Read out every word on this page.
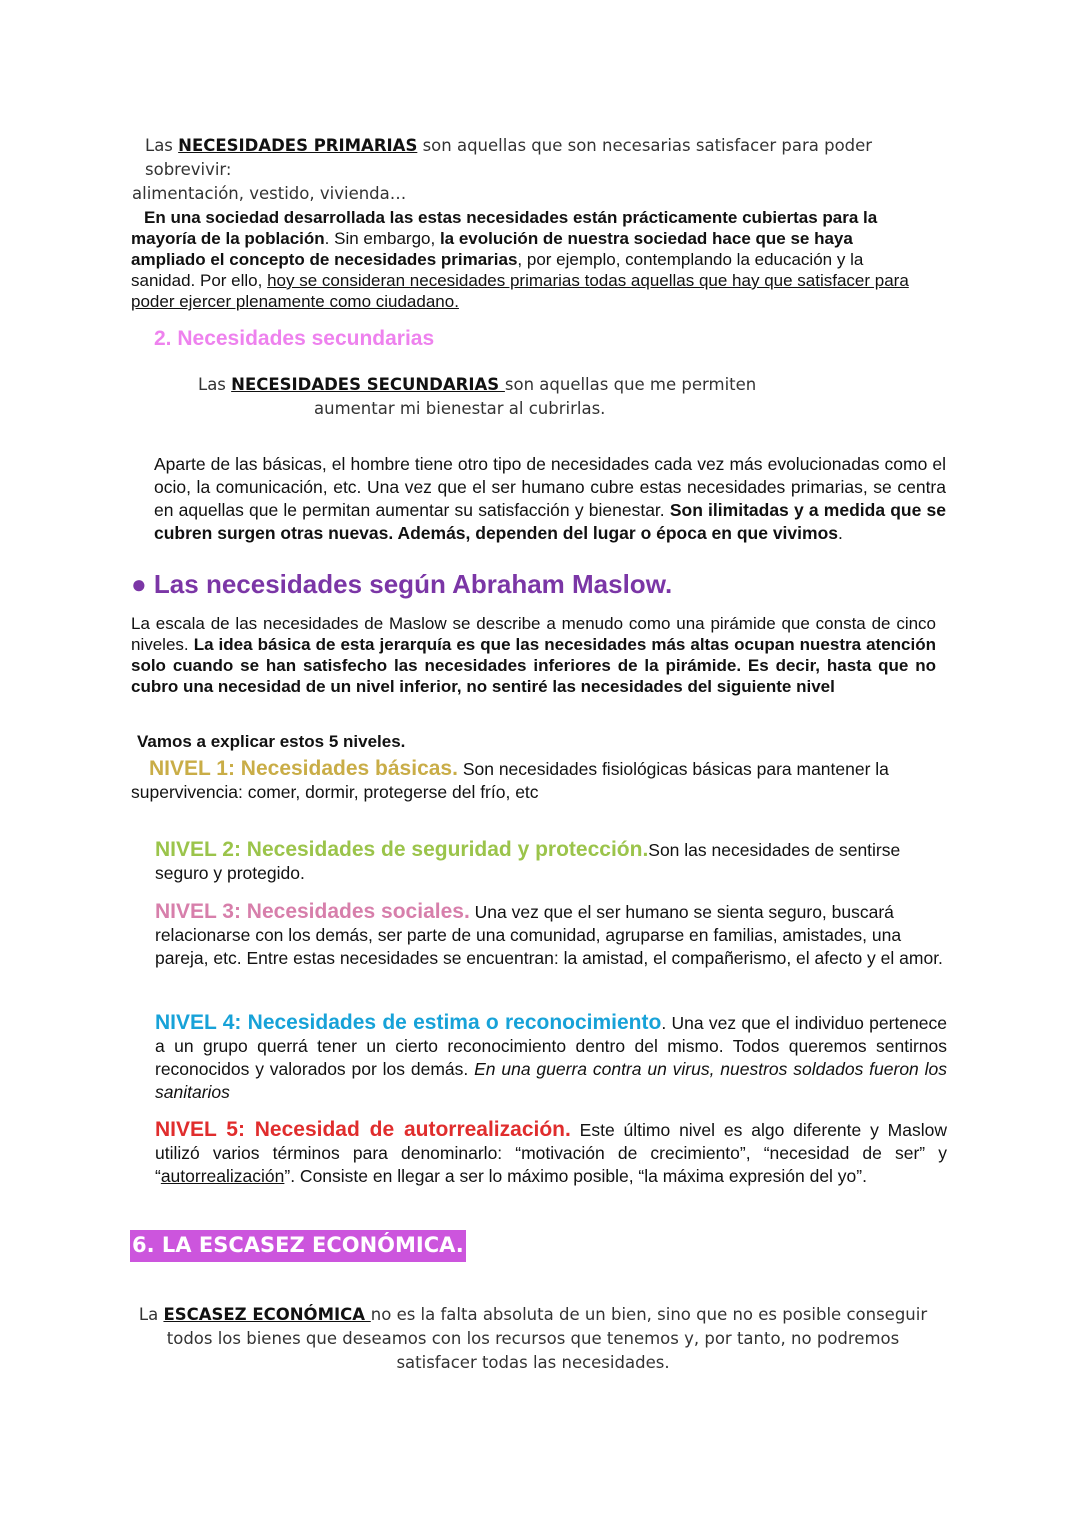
Las NECESIDADES PRIMARIAS son aquellas que son necesarias satisfacer para poder sobrevivir:
alimentación, vestido, vivienda…
En una sociedad desarrollada las estas necesidades están prácticamente cubiertas para la mayoría de la población. Sin embargo, la evolución de nuestra sociedad hace que se haya ampliado el concepto de necesidades primarias, por ejemplo, contemplando la educación y la sanidad. Por ello, hoy se consideran necesidades primarias todas aquellas que hay que satisfacer para poder ejercer plenamente como ciudadano.
2. Necesidades secundarias
Las NECESIDADES SECUNDARIAS son aquellas que me permiten
aumentar mi bienestar al cubrirlas.
Aparte de las básicas, el hombre tiene otro tipo de necesidades cada vez más evolucionadas como el ocio, la comunicación, etc. Una vez que el ser humano cubre estas necesidades primarias, se centra en aquellas que le permitan aumentar su satisfacción y bienestar. Son ilimitadas y a medida que se cubren surgen otras nuevas. Además, dependen del lugar o época en que vivimos.
● Las necesidades según Abraham Maslow.
La escala de las necesidades de Maslow se describe a menudo como una pirámide que consta de cinco niveles. La idea básica de esta jerarquía es que las necesidades más altas ocupan nuestra atención solo cuando se han satisfecho las necesidades inferiores de la pirámide. Es decir, hasta que no cubro una necesidad de un nivel inferior, no sentiré las necesidades del siguiente nivel
Vamos a explicar estos 5 niveles.
NIVEL 1: Necesidades básicas. Son necesidades fisiológicas básicas para mantener la supervivencia: comer, dormir, protegerse del frío, etc
NIVEL 2: Necesidades de seguridad y protección.Son las necesidades de sentirse seguro y protegido.
NIVEL 3: Necesidades sociales. Una vez que el ser humano se sienta seguro, buscará relacionarse con los demás, ser parte de una comunidad, agruparse en familias, amistades, una pareja, etc. Entre estas necesidades se encuentran: la amistad, el compañerismo, el afecto y el amor.
NIVEL 4: Necesidades de estima o reconocimiento. Una vez que el individuo pertenece a un grupo querrá tener un cierto reconocimiento dentro del mismo. Todos queremos sentirnos reconocidos y valorados por los demás. En una guerra contra un virus, nuestros soldados fueron los sanitarios
NIVEL 5: Necesidad de autorrealización. Este último nivel es algo diferente y Maslow utilizó varios términos para denominarlo: “motivación de crecimiento”, “necesidad de ser” y “autorrealización”. Consiste en llegar a ser lo máximo posible, “la máxima expresión del yo”.
6. LA ESCASEZ ECONÓMICA.
La ESCASEZ ECONÓMICA no es la falta absoluta de un bien, sino que no es posible conseguir
todos los bienes que deseamos con los recursos que tenemos y, por tanto, no podremos
satisfacer todas las necesidades.
